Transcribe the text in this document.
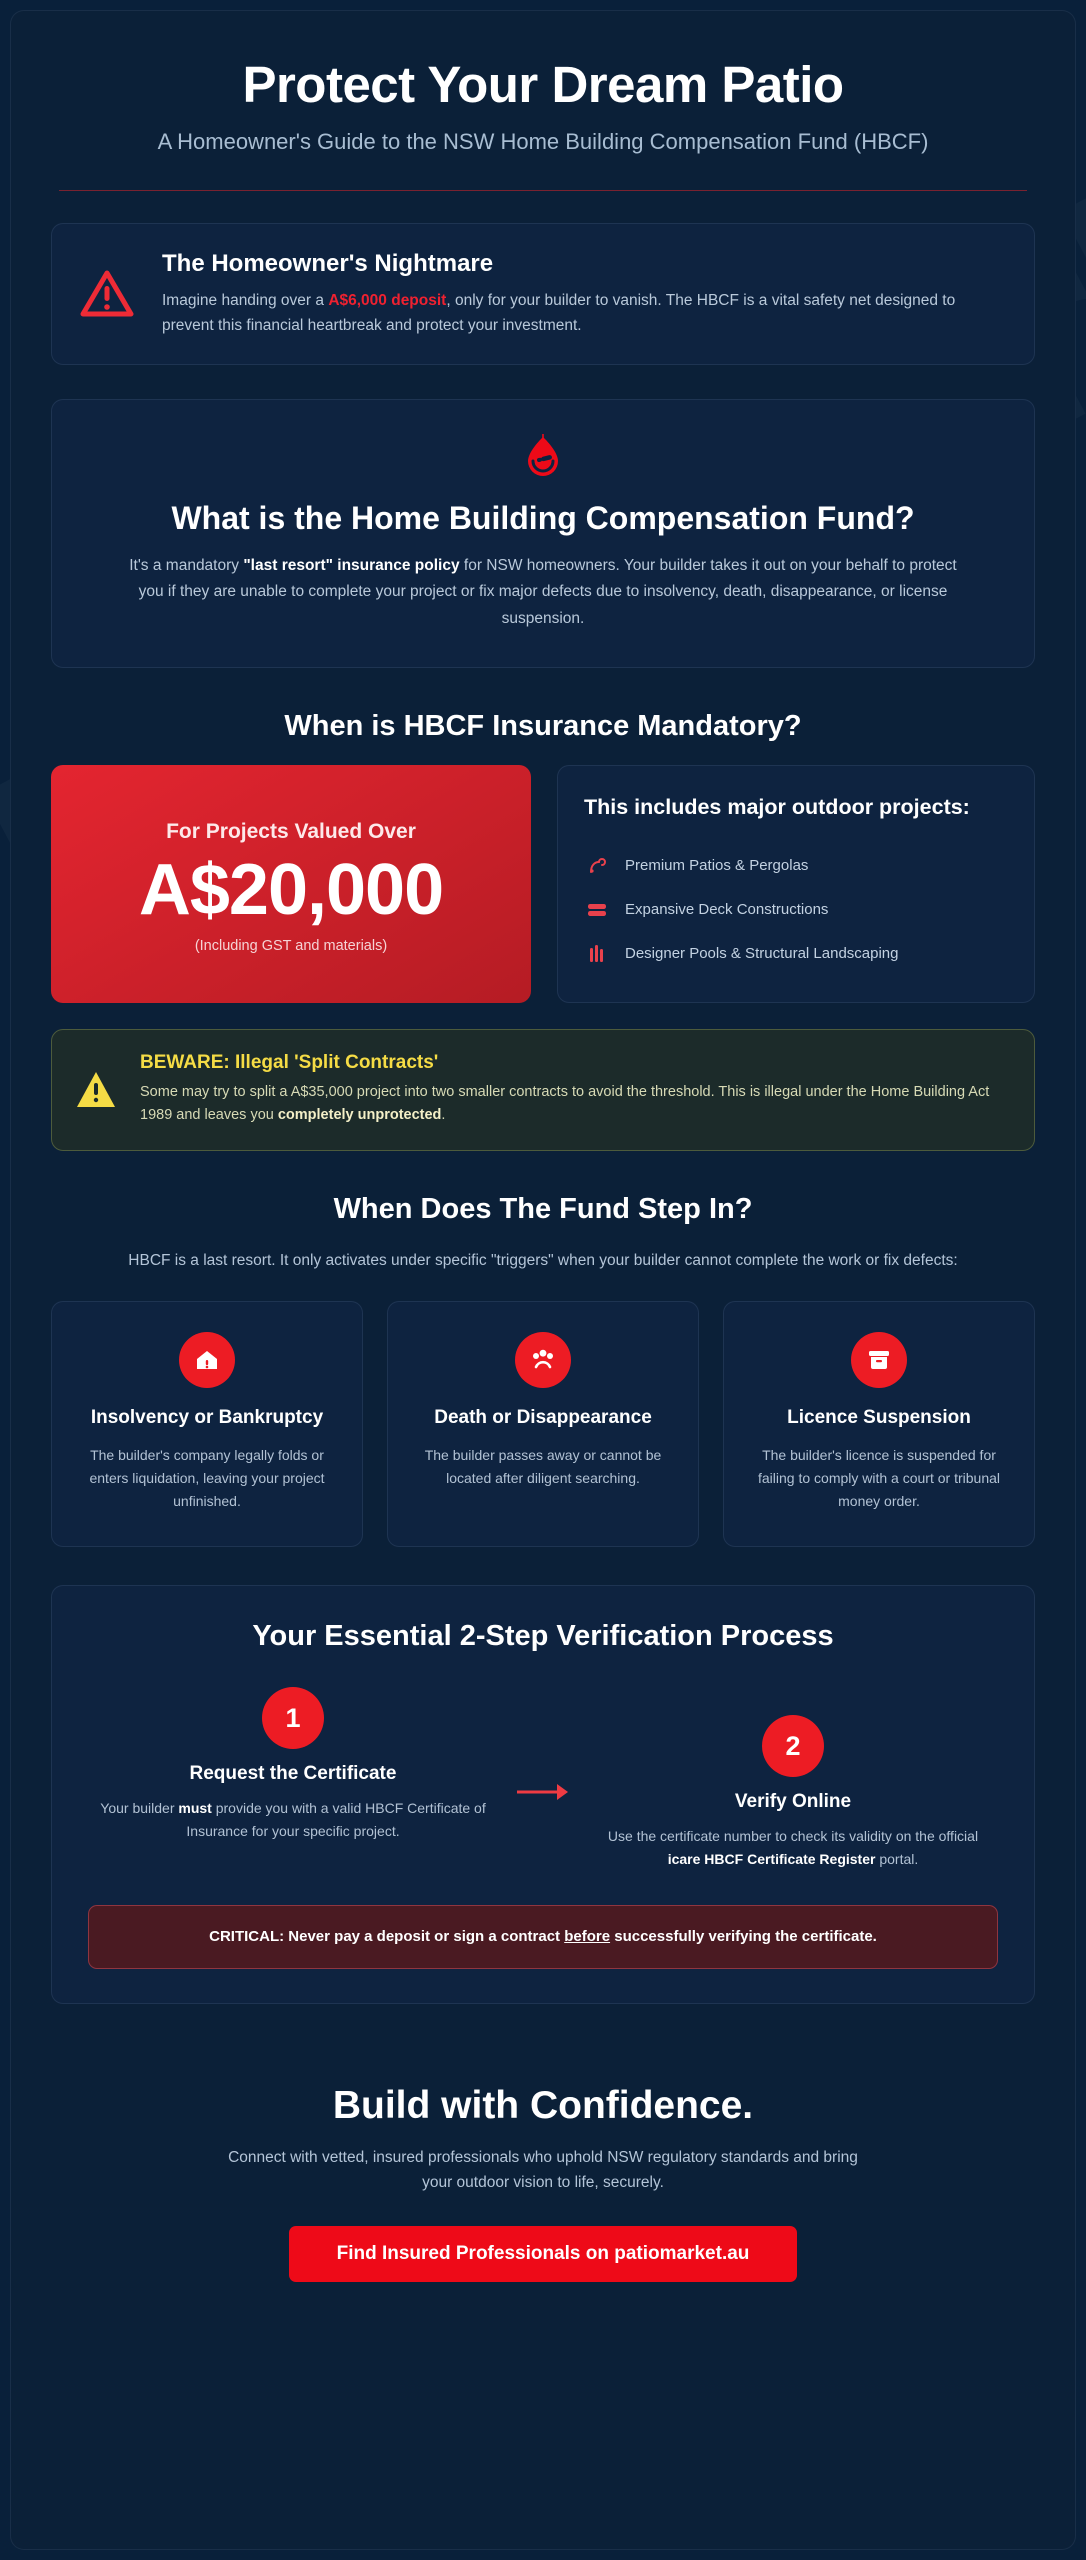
Protect Your Dream Patio
A Homeowner's Guide to the NSW Home Building Compensation Fund (HBCF)
The Homeowner's Nightmare

Imagine handing over a A$6,000 deposit, only for your builder to vanish. The HBCF is a vital safety net designed to prevent this financial heartbreak and protect your investment.

What is the Home Building Compensation Fund?

It's a mandatory "last resort" insurance policy for NSW homeowners. Your builder takes it out on your behalf to protect you if they are unable to complete your project or fix major defects due to insolvency, death, disappearance, or license suspension.

When is HBCF Insurance Mandatory?
For Projects Valued Over
A$20,000
(Including GST and materials)
This includes major outdoor projects:
Premium Patios & Pergolas
Expansive Deck Constructions
Designer Pools & Structural Landscaping
BEWARE: Illegal 'Split Contracts'

Some may try to split a A$35,000 project into two smaller contracts to avoid the threshold. This is illegal under the Home Building Act 1989 and leaves you completely unprotected.

When Does The Fund Step In?
HBCF is a last resort. It only activates under specific "triggers" when your builder cannot complete the work or fix defects:
Insolvency or Bankruptcy

The builder's company legally folds or enters liquidation, leaving your project unfinished.

Death or Disappearance

The builder passes away or cannot be located after diligent searching.

Licence Suspension

The builder's licence is suspended for failing to comply with a court or tribunal money order.

Your Essential 2-Step Verification Process
1
Request the Certificate

Your builder must provide you with a valid HBCF Certificate of Insurance for your specific project.

2
Verify Online

Use the certificate number to check its validity on the official icare HBCF Certificate Register portal.

CRITICAL: Never pay a deposit or sign a contract before successfully verifying the certificate.
Build with Confidence.

Connect with vetted, insured professionals who uphold NSW regulatory standards and bring your outdoor vision to life, securely.

Find Insured Professionals on patiomarket.au
